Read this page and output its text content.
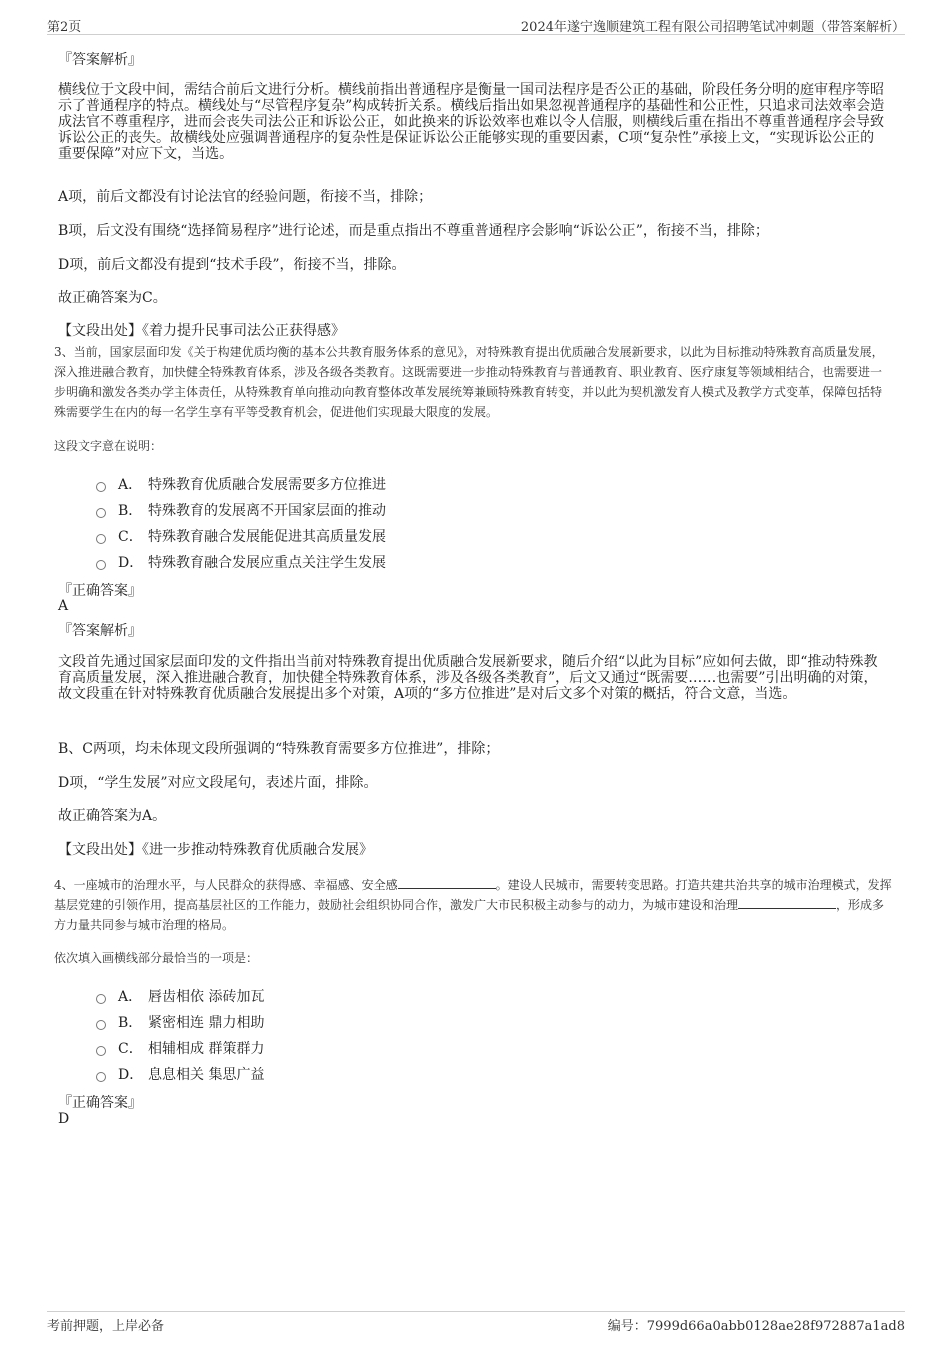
第2页	2024年遂宁逸顺建筑工程有限公司招聘笔试冲刺题（带答案解析）
『答案解析』

横线位于文段中间，需结合前后文进行分析。横线前指出普通程序是衡量一国司法程序是否公正的基础，阶段任务分明的庭审程序等昭示了普通程序的特点。横线处与“尽管程序复杂”构成转折关系。横线后指出如果忽视普通程序的基础性和公正性，只追求司法效率会造成法官不尊重程序，进而会丧失司法公正和诉讼公正，如此换来的诉讼效率也难以令人信服，则横线后重在指出不尊重普通程序会导致诉讼公正的丧失。故横线处应强调普通程序的复杂性是保证诉讼公正能够实现的重要因素，C项“复杂性”承接上文，“实现诉讼公正的重要保障”对应下文，当选。

A项，前后文都没有讨论法官的经验问题，衔接不当，排除；

B项，后文没有围绕“选择简易程序”进行论述，而是重点指出不尊重普通程序会影响“诉讼公正”，衔接不当，排除；

D项，前后文都没有提到“技术手段”，衔接不当，排除。

故正确答案为C。

【文段出处】《着力提升民事司法公正获得感》

3、当前，国家层面印发《关于构建优质均衡的基本公共教育服务体系的意见》，对特殊教育提出优质融合发展新要求，以此为目标推动特殊教育高质量发展，深入推进融合教育，加快健全特殊教育体系，涉及各级各类教育。这既需要进一步推动特殊教育与普通教育、职业教育、医疗康复等领域相结合，也需要进一步明确和激发各类办学主体责任，从特殊教育单向推动向教育整体改革发展统筹兼顾特殊教育转变，并以此为契机激发育人模式及教学方式变革，保障包括特殊需要学生在内的每一名学生享有平等受教育机会，促进他们实现最大限度的发展。

这段文字意在说明：

A． 特殊教育优质融合发展需要多方位推进
B． 特殊教育的发展离不开国家层面的推动
C． 特殊教育融合发展能促进其高质量发展
D． 特殊教育融合发展应重点关注学生发展
『正确答案』
A
『答案解析』

文段首先通过国家层面印发的文件指出当前对特殊教育提出优质融合发展新要求，随后介绍“以此为目标”应如何去做，即“推动特殊教育高质量发展，深入推进融合教育，加快健全特殊教育体系，涉及各级各类教育”，后文又通过“既需要……也需要”引出明确的对策，故文段重在针对特殊教育优质融合发展提出多个对策，A项的“多方位推进”是对后文多个对策的概括，符合文意，当选。

B、C两项，均未体现文段所强调的“特殊教育需要多方位推进”，排除；

D项，“学生发展”对应文段尾句，表述片面，排除。

故正确答案为A。

【文段出处】《进一步推动特殊教育优质融合发展》

4、一座城市的治理水平，与人民群众的获得感、幸福感、安全感	。建设人民城市，需要转变思路。打造共建共治共享的城市治理模式，发挥基层党建的引领作用，提高基层社区的工作能力，鼓励社会组织协同合作，激发广大市民积极主动参与的动力，为城市建设和治理	，形成多方力量共同参与城市治理的格局。

依次填入画横线部分最恰当的一项是：

A． 唇齿相依 添砖加瓦
B． 紧密相连 鼎力相助
C． 相辅相成 群策群力
D． 息息相关 集思广益
『正确答案』
D
考前押题，上岸必备	编号：7999d66a0abb0128ae28f972887a1ad8
